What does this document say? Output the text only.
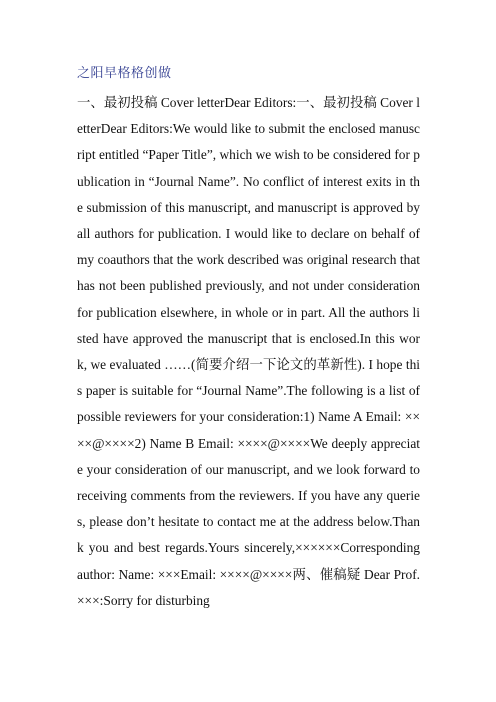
之阳早格格创做
一、最初投稿 Cover letterDear Editors:一、最初投稿 Cover letterDear Editors:We would like to submit the enclosed manuscript entitled “Paper Title”, which we wish to be considered for publication in “Journal Name”. No conflict of interest exits in the submission of this manuscript, and manuscript is approved by all authors for publication. I would like to declare on behalf of my coauthors that the work described was original research that has not been published previously, and not under consideration for publication elsewhere, in whole or in part. All the authors listed have approved the manuscript that is enclosed.In this work, we evaluated ……(简要介绍一下论文的革新性). I hope this paper is suitable for “Journal Name”.The following is a list of possible reviewers for your consideration:1) Name A Email: ××××@××××2) Name B Email: ××××@××××We deeply appreciate your consideration of our manuscript, and we look forward to receiving comments from the reviewers. If you have any queries, please don’t hesitate to contact me at the address below.Thank you and best regards.Yours sincerely,××××××Corresponding author: Name: ×××Email: ××××@××××两、催稿疑 Dear Prof. ×××:Sorry for disturbing
